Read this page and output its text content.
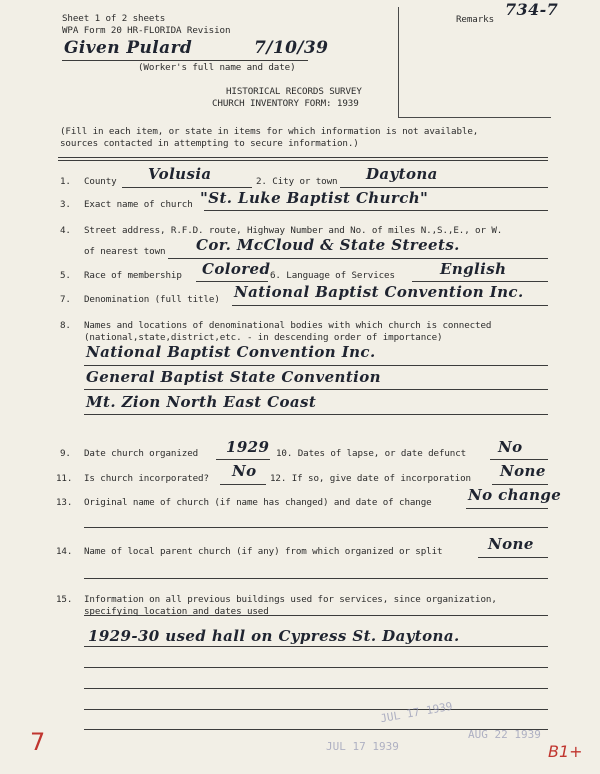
Sheet 1 of 2 sheets
WPA Form 20 HR-FLORIDA Revision
Remarks
734-7
Given Pulard	7/10/39
(Worker's full name and date)
HISTORICAL RECORDS SURVEY
CHURCH INVENTORY FORM: 1939
(Fill in each item, or state in items for which information is not available,
sources contacted in attempting to secure information.)
1. County Volusia	2. City or town Daytona
3. Exact name of church "St. Luke Baptist Church"
4. Street address, R.F.D. route, Highway Number and No. of miles N.,S.,E., or W.
of nearest town Cor. McCloud & State Streets.
5. Race of membership Colored 6. Language of Services	English
7. Denomination (full title) National Baptist Convention Inc.
8. Names and locations of denominational bodies with which church is connected
(national,state,district,etc. - in descending order of importance)
National Baptist Convention Inc.
General Baptist State Convention
Mt. Zion North East Coast
9. Date church organized 1929 10. Dates of lapse, or date defunct No
11. Is church incorporated? No 12. If so, give date of incorporation None
13. Original name of church (if name has changed) and date of change No change
14. Name of local parent church (if any) from which organized or split	None
15. Information on all previous buildings used for services, since organization,
specifying location and dates used
1929-30 used hall on Cypress St. Daytona.
JUL 17 1939
JUL 17 1939
AUG 22 1939
7	B1+
